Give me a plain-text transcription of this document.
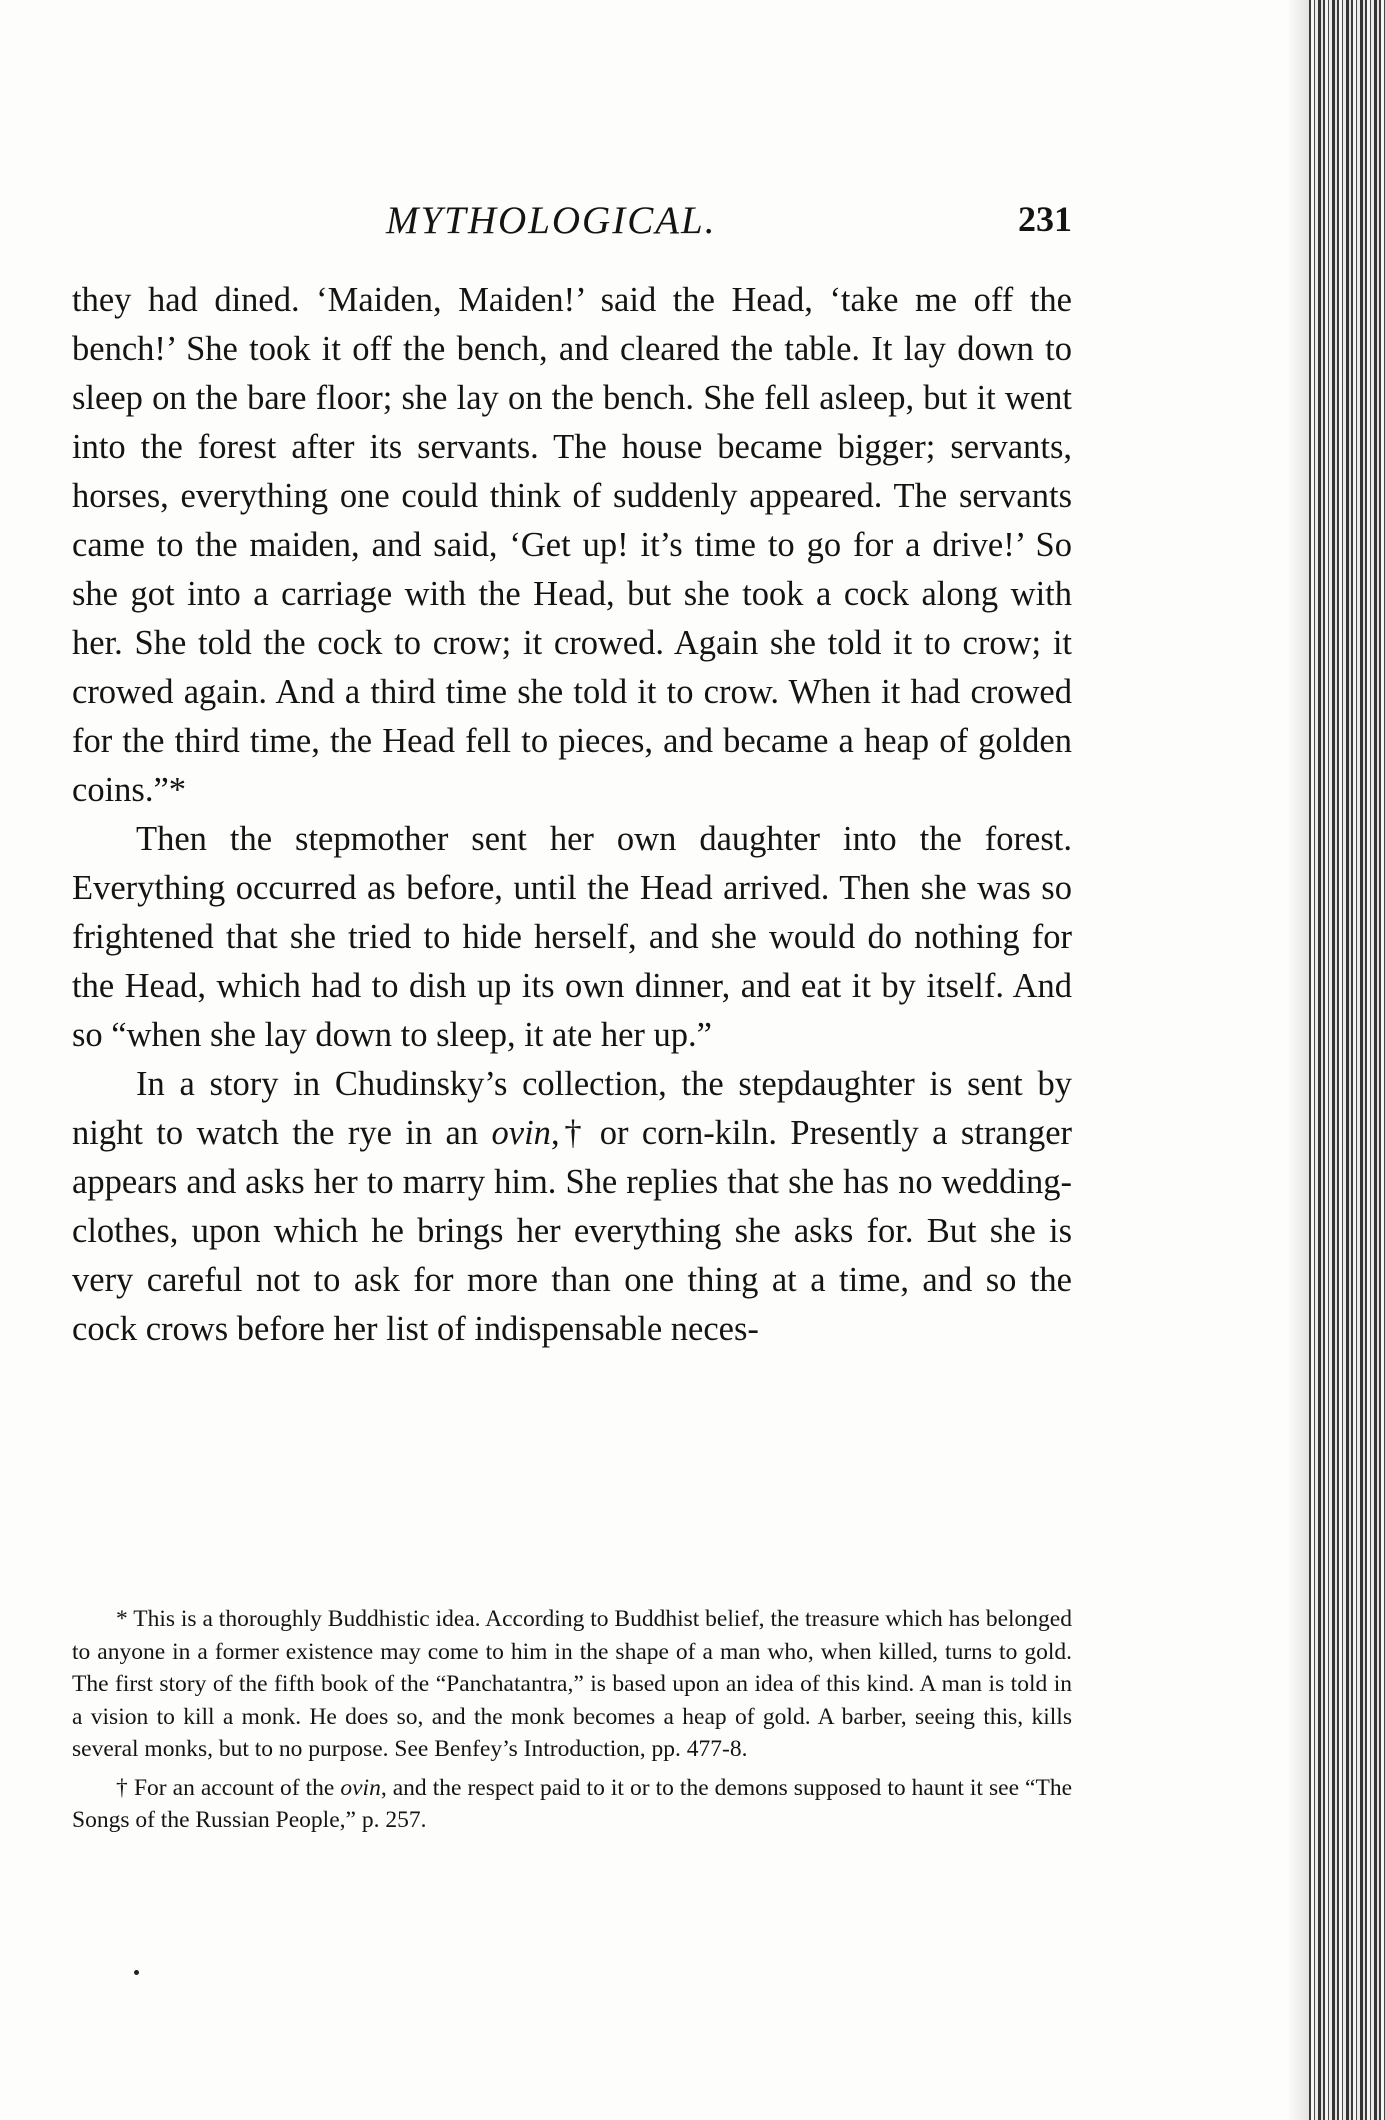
MYTHOLOGICAL.	231

they had dined. ‘Maiden, Maiden!’ said the Head, ‘take me off the bench!’ She took it off the bench, and cleared the table. It lay down to sleep on the bare floor; she lay on the bench. She fell asleep, but it went into the forest after its servants. The house became bigger; servants, horses, everything one could think of suddenly appeared. The servants came to the maiden, and said, ‘Get up! it’s time to go for a drive!’ So she got into a carriage with the Head, but she took a cock along with her. She told the cock to crow; it crowed. Again she told it to crow; it crowed again. And a third time she told it to crow. When it had crowed for the third time, the Head fell to pieces, and became a heap of golden coins.”*

Then the stepmother sent her own daughter into the forest. Everything occurred as before, until the Head arrived. Then she was so frightened that she tried to hide herself, and she would do nothing for the Head, which had to dish up its own dinner, and eat it by itself. And so “when she lay down to sleep, it ate her up.”

In a story in Chudinsky’s collection, the stepdaughter is sent by night to watch the rye in an ovin,† or corn-kiln. Presently a stranger appears and asks her to marry him. She replies that she has no wedding-clothes, upon which he brings her everything she asks for. But she is very careful not to ask for more than one thing at a time, and so the cock crows before her list of indispensable neces-

* This is a thoroughly Buddhistic idea. According to Buddhist belief, the treasure which has belonged to anyone in a former existence may come to him in the shape of a man who, when killed, turns to gold. The first story of the fifth book of the “Panchatantra,” is based upon an idea of this kind. A man is told in a vision to kill a monk. He does so, and the monk becomes a heap of gold. A barber, seeing this, kills several monks, but to no purpose. See Benfey’s Introduction, pp. 477-8.

† For an account of the ovin, and the respect paid to it or to the demons supposed to haunt it see “The Songs of the Russian People,” p. 257.
